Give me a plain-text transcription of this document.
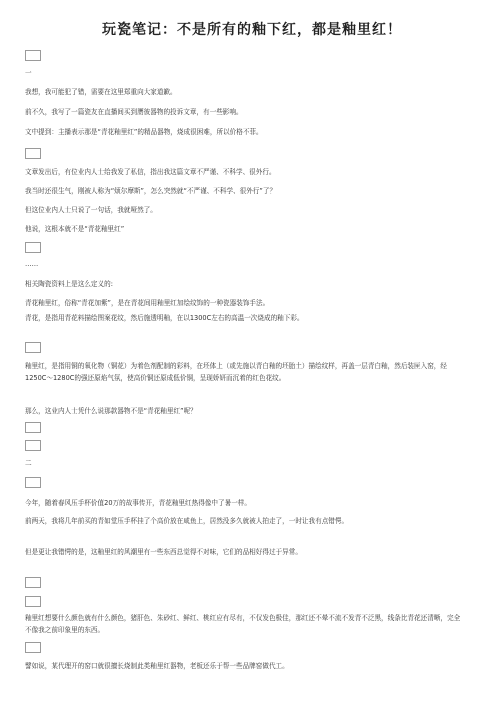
玩瓷笔记：不是所有的釉下红，都是釉里红！
一
我想，我可能犯了错，需要在这里郑重向大家道歉。
前不久，我写了一篇瓷友在直播间买到赝彼器物的投诉文章，有一些影响。
文中提到：主播表示那是“青花釉里红”的精品器物，烧成很困难，所以价格不菲。
文章发出后，有位业内人士给我发了私信，指出我这篇文章不严谨、不科学、很外行。
我当时还很生气，刚被人称为“烦尔摩斯”，怎么突然就“不严谨、不科学、很外行”了？
但这位业内人士只说了一句话，我就哑然了。
他说，这根本就不是“青花釉里红”
……
相关陶瓷资料上是这么定义的:
青花釉里红，俗称“青花加紫”，是在青花间用釉里红加绘纹饰的一种瓷器装饰手法。
青花，是指用青花料描绘图案花纹，然后施透明釉，在以1300C左右的高温一次烧成的釉下彩。
釉里红，是指用铜的氧化物（铜花）为着色剂配制的彩料，在坯体上（或先施以青白釉的坯胎土）描绘纹样，再盖一层青白釉，然后装匣入窑，经1250C～1280C的强还原焰气氛，使高价铜还原成低价铜，呈现娇妍而沉着的红色花纹。
那么，这业内人士凭什么说那款器物不是“青花釉里红”呢？
二
今年，随着春风压手杯价值20万的故事传开，青花釉里红热得像中了暑一样。
前两天，我将几年前买的青如堂压手杯挂了个高价放在咸鱼上，居然没多久就被人拍走了，一时让我有点错愕。
但是更让我错愕的是，这釉里红的风潮里有一些东西总觉得不对味，它们的品相好得过于异常。
釉里红想要什么颜色就有什么颜色，猪肝色、朱砂红、鲜红、桃红应有尽有，不仅发色极佳，那红还不晕不流不发青不泛黑，线条比青花还清晰，完全不像我之前印象里的东西。
譬如说，某代理开的窑口就很擅长烧制此类釉里红器物，老板还乐于帮一些品牌窑做代工。
